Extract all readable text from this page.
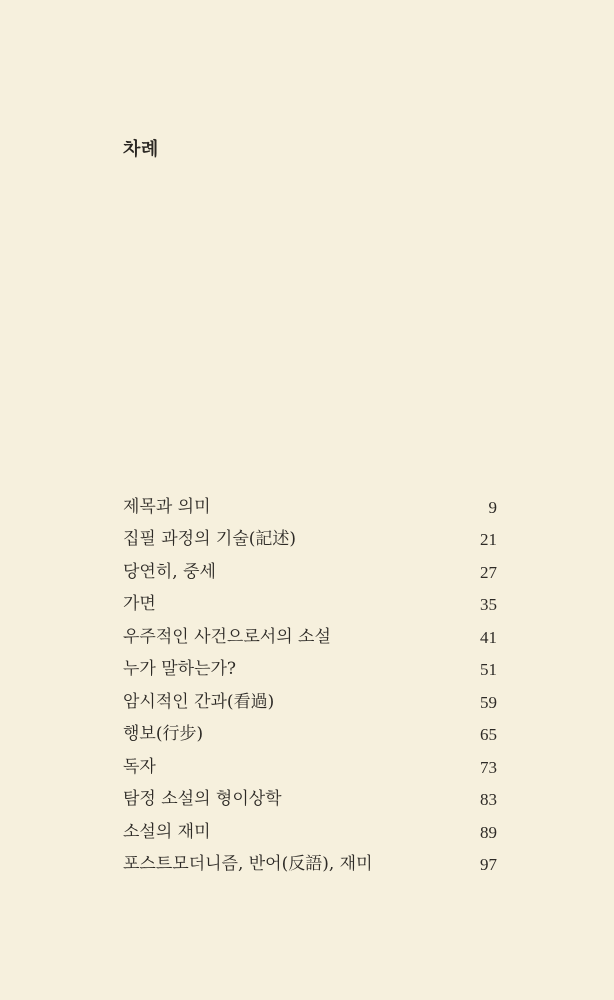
차례
제목과 의미	9
집필 과정의 기술(記述)	21
당연히, 중세	27
가면	35
우주적인 사건으로서의 소설	41
누가 말하는가?	51
암시적인 간과(看過)	59
행보(行步)	65
독자	73
탐정 소설의 형이상학	83
소설의 재미	89
포스트모더니즘, 반어(反語), 재미	97
